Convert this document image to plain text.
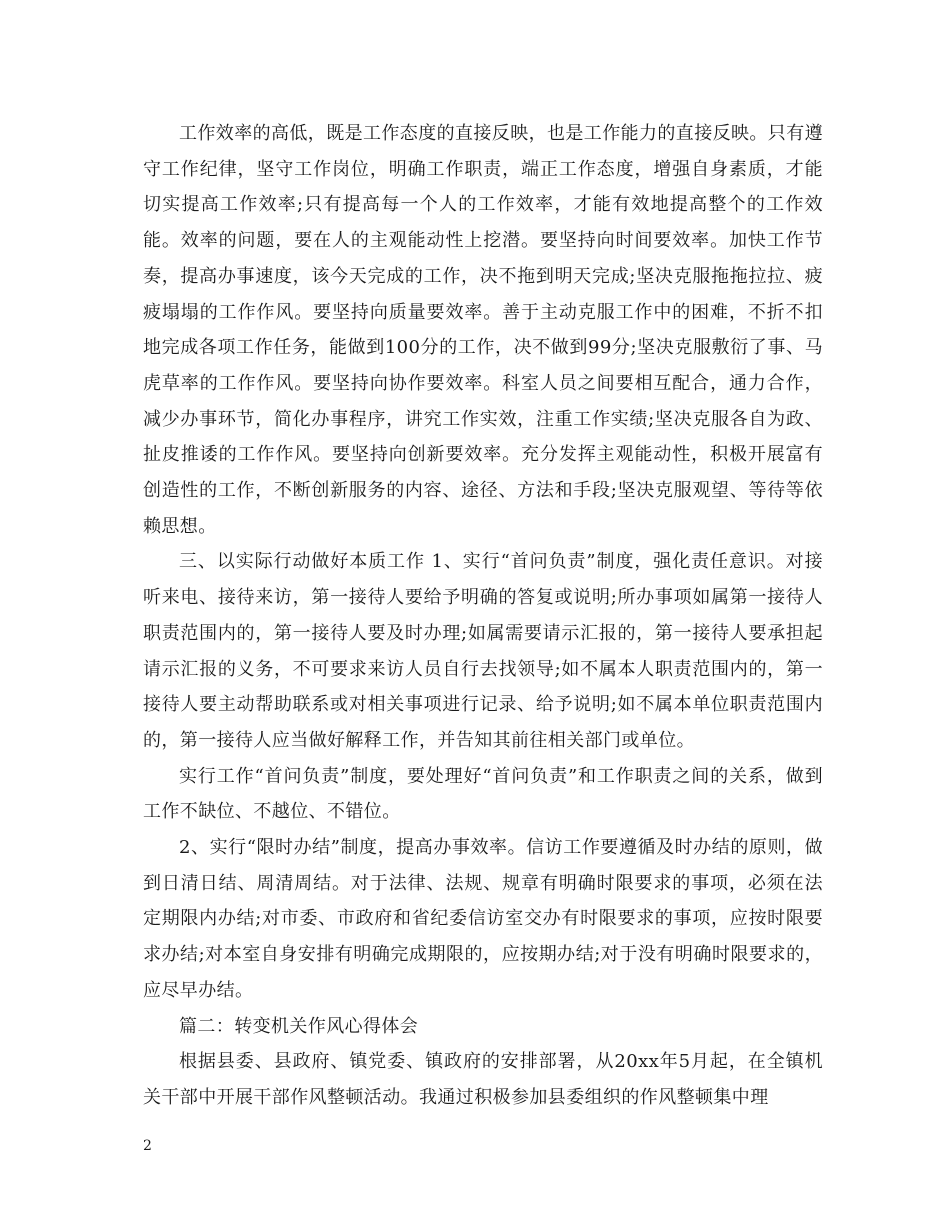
工作效率的高低，既是工作态度的直接反映，也是工作能力的直接反映。只有遵守工作纪律，坚守工作岗位，明确工作职责，端正工作态度，增强自身素质，才能切实提高工作效率;只有提高每一个人的工作效率，才能有效地提高整个的工作效能。效率的问题，要在人的主观能动性上挖潜。要坚持向时间要效率。加快工作节奏，提高办事速度，该今天完成的工作，决不拖到明天完成;坚决克服拖拖拉拉、疲疲塌塌的工作作风。要坚持向质量要效率。善于主动克服工作中的困难，不折不扣地完成各项工作任务，能做到100分的工作，决不做到99分;坚决克服敷衍了事、马虎草率的工作作风。要坚持向协作要效率。科室人员之间要相互配合，通力合作，减少办事环节，简化办事程序，讲究工作实效，注重工作实绩;坚决克服各自为政、扯皮推诿的工作作风。要坚持向创新要效率。充分发挥主观能动性，积极开展富有创造性的工作，不断创新服务的内容、途径、方法和手段;坚决克服观望、等待等依赖思想。

三、以实际行动做好本质工作 1、实行“首问负责”制度，强化责任意识。对接听来电、接待来访，第一接待人要给予明确的答复或说明;所办事项如属第一接待人职责范围内的，第一接待人要及时办理;如属需要请示汇报的，第一接待人要承担起请示汇报的义务，不可要求来访人员自行去找领导;如不属本人职责范围内的，第一接待人要主动帮助联系或对相关事项进行记录、给予说明;如不属本单位职责范围内的，第一接待人应当做好解释工作，并告知其前往相关部门或单位。

实行工作“首问负责”制度，要处理好“首问负责”和工作职责之间的关系，做到工作不缺位、不越位、不错位。

2、实行“限时办结”制度，提高办事效率。信访工作要遵循及时办结的原则，做到日清日结、周清周结。对于法律、法规、规章有明确时限要求的事项，必须在法定期限内办结;对市委、市政府和省纪委信访室交办有时限要求的事项，应按时限要求办结;对本室自身安排有明确完成期限的，应按期办结;对于没有明确时限要求的，应尽早办结。

篇二：转变机关作风心得体会

根据县委、县政府、镇党委、镇政府的安排部署，从20xx年5月起，在全镇机关干部中开展干部作风整顿活动。我通过积极参加县委组织的作风整顿集中理

2
